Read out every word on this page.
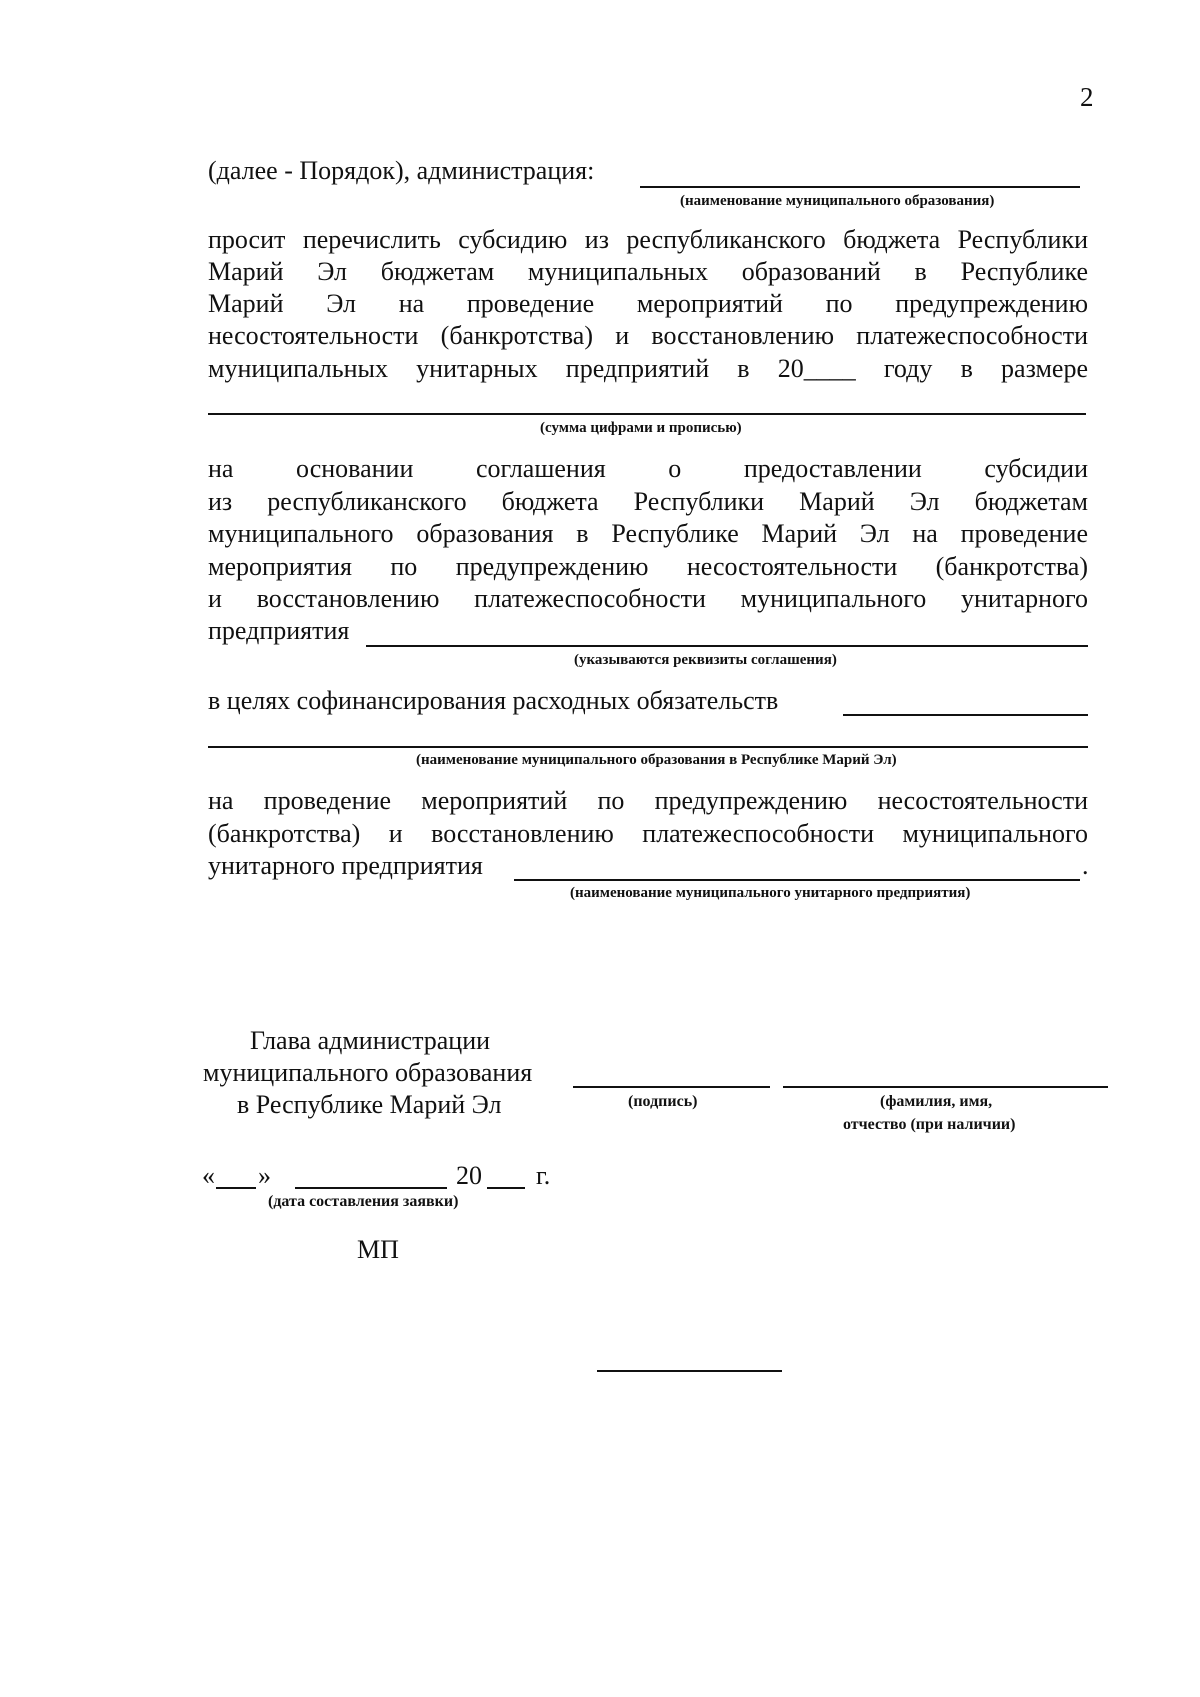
2
(далее - Порядок), администрация:
(наименование муниципального образования)
просит перечислить субсидию из республиканского бюджета Республики
Марий Эл бюджетам муниципальных образований в Республике
Марий Эл на проведение мероприятий по предупреждению
несостоятельности (банкротства) и восстановлению платежеспособности
муниципальных унитарных предприятий в 20____ году в размере
(сумма цифрами и прописью)
на основании соглашения о предоставлении субсидии
из республиканского бюджета Республики Марий Эл бюджетам
муниципального образования в Республике Марий Эл на проведение
мероприятия по предупреждению несостоятельности (банкротства)
и восстановлению платежеспособности муниципального унитарного
предприятия
(указываются реквизиты соглашения)
в целях софинансирования расходных обязательств
(наименование муниципального образования в Республике Марий Эл)
на проведение мероприятий по предупреждению несостоятельности
(банкротства) и восстановлению платежеспособности муниципального
унитарного предприятия	.
(наименование муниципального унитарного предприятия)
Глава администрации
муниципального образования
в Республике Марий Эл	(подпись)	(фамилия, имя,
отчество (при наличии)
« »	20 г.
(дата составления заявки)
МП
